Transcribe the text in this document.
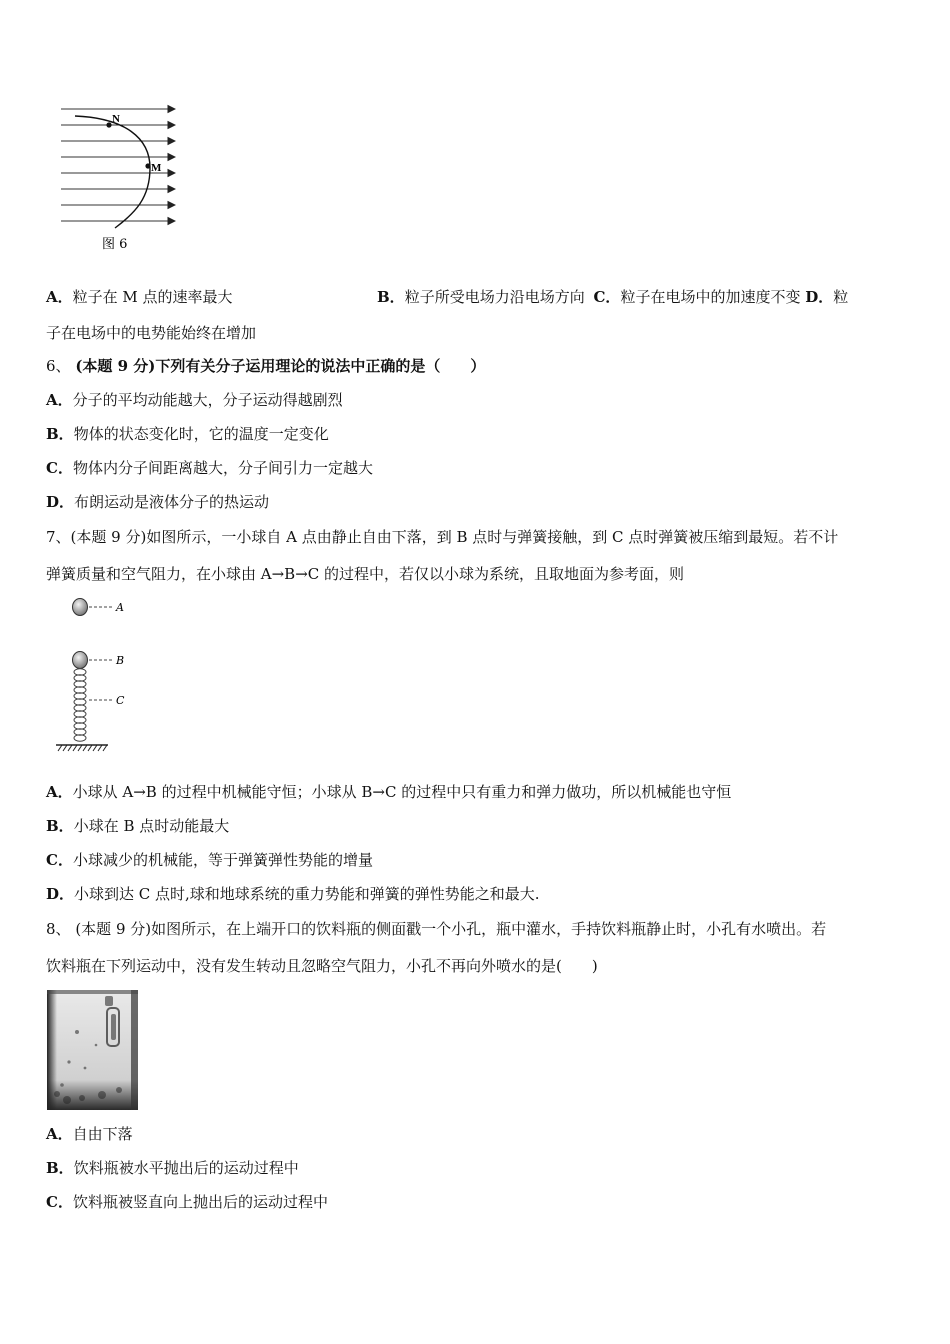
N
M
图 6
A．粒子在 M 点的速率最大	B．粒子所受电场力沿电场方向 C．粒子在电场中的加速度不变 D．粒
子在电场中的电势能始终在增加
6、 (本题 9 分)下列有关分子运用理论的说法中正确的是（　　）
A．分子的平均动能越大，分子运动得越剧烈
B．物体的状态变化时，它的温度一定变化
C．物体内分子间距离越大，分子间引力一定越大
D．布朗运动是液体分子的热运动
7、(本题 9 分)如图所示，一小球自 A 点由静止自由下落，到 B 点时与弹簧接触，到 C 点时弹簧被压缩到最短。若不计
弹簧质量和空气阻力，在小球由 A→B→C 的过程中，若仅以小球为系统，且取地面为参考面，则
A
B
C
A．小球从 A→B 的过程中机械能守恒；小球从 B→C 的过程中只有重力和弹力做功，所以机械能也守恒
B．小球在 B 点时动能最大
C．小球减少的机械能，等于弹簧弹性势能的增量
D．小球到达 C 点时,球和地球系统的重力势能和弹簧的弹性势能之和最大.
8、 (本题 9 分)如图所示，在上端开口的饮料瓶的侧面戳一个小孔，瓶中灌水，手持饮料瓶静止时，小孔有水喷出。若
饮料瓶在下列运动中，没有发生转动且忽略空气阻力，小孔不再向外喷水的是(　　)
A．自由下落
B．饮料瓶被水平抛出后的运动过程中
C．饮料瓶被竖直向上抛出后的运动过程中
